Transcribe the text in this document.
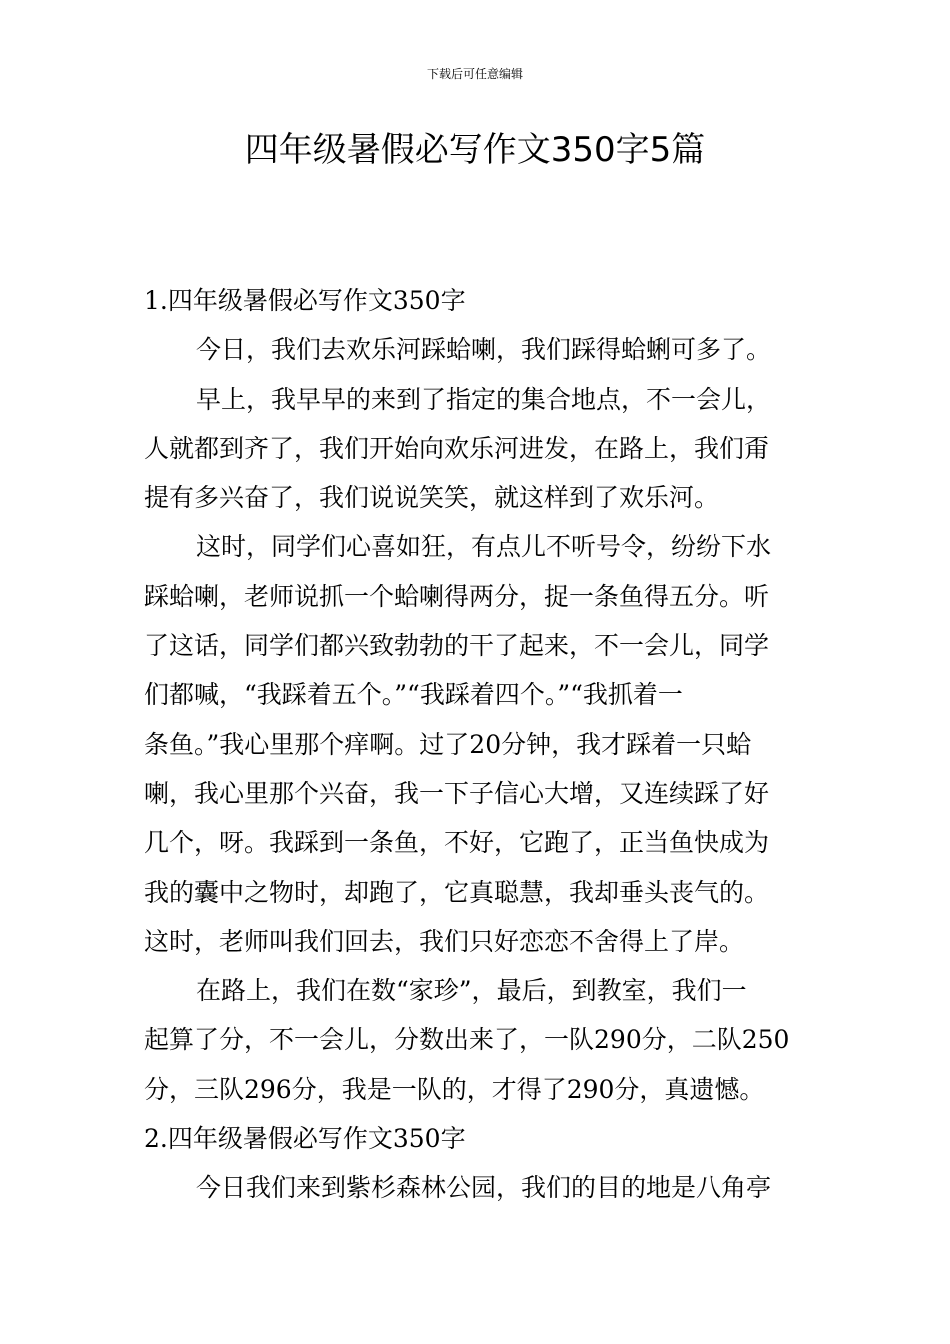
下载后可任意编辑
四年级暑假必写作文350字5篇
1.四年级暑假必写作文350字
今日，我们去欢乐河踩蛤喇，我们踩得蛤蜊可多了。
早上，我早早的来到了指定的集合地点，不一会儿，
人就都到齐了，我们开始向欢乐河进发，在路上，我们甭
提有多兴奋了，我们说说笑笑，就这样到了欢乐河。
这时，同学们心喜如狂，有点儿不听号令，纷纷下水
踩蛤喇，老师说抓一个蛤喇得两分，捉一条鱼得五分。听
了这话，同学们都兴致勃勃的干了起来，不一会儿，同学
们都喊，“我踩着五个。”“我踩着四个。”“我抓着一
条鱼。”我心里那个痒啊。过了20分钟，我才踩着一只蛤
喇，我心里那个兴奋，我一下子信心大增，又连续踩了好
几个，呀。我踩到一条鱼，不好，它跑了，正当鱼快成为
我的囊中之物时，却跑了，它真聪慧，我却垂头丧气的。
这时，老师叫我们回去，我们只好恋恋不舍得上了岸。
在路上，我们在数“家珍”，最后，到教室，我们一
起算了分，不一会儿，分数出来了，一队290分，二队250
分，三队296分，我是一队的，才得了290分，真遗憾。
2.四年级暑假必写作文350字
今日我们来到紫杉森林公园，我们的目的地是八角亭
